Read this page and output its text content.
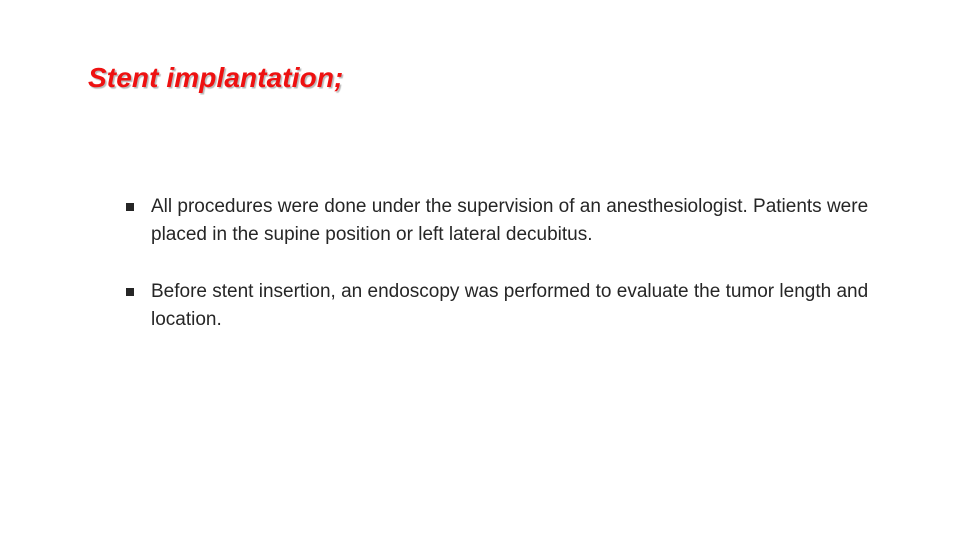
Stent implantation;
All procedures were done under the supervision of an anesthesiologist. Patients were placed in the supine position or left lateral decubitus.
Before stent insertion, an endoscopy was performed to evaluate the tumor length and location.
